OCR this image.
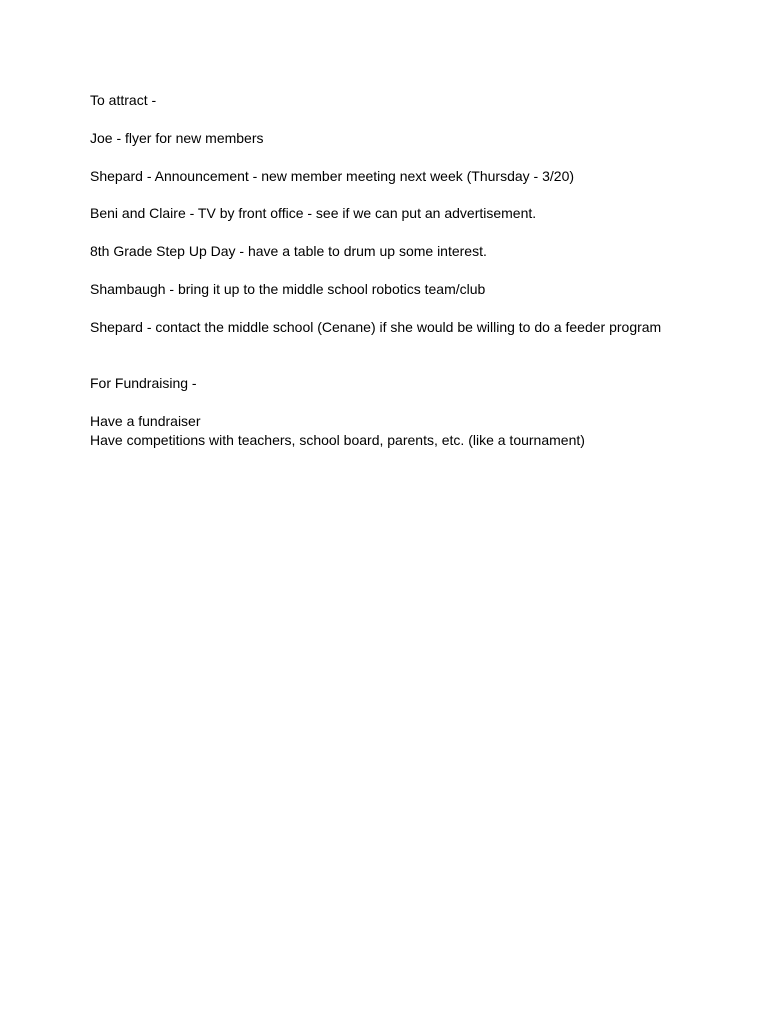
To attract -
Joe - flyer for new members
Shepard - Announcement - new member meeting next week (Thursday - 3/20)
Beni and Claire - TV by front office - see if we can put an advertisement.
8th Grade Step Up Day - have a table to drum up some interest.
Shambaugh - bring it up to the middle school robotics team/club
Shepard - contact the middle school (Cenane) if she would be willing to do a feeder program
For Fundraising -
Have a fundraiser
Have competitions with teachers, school board, parents, etc. (like a tournament)
